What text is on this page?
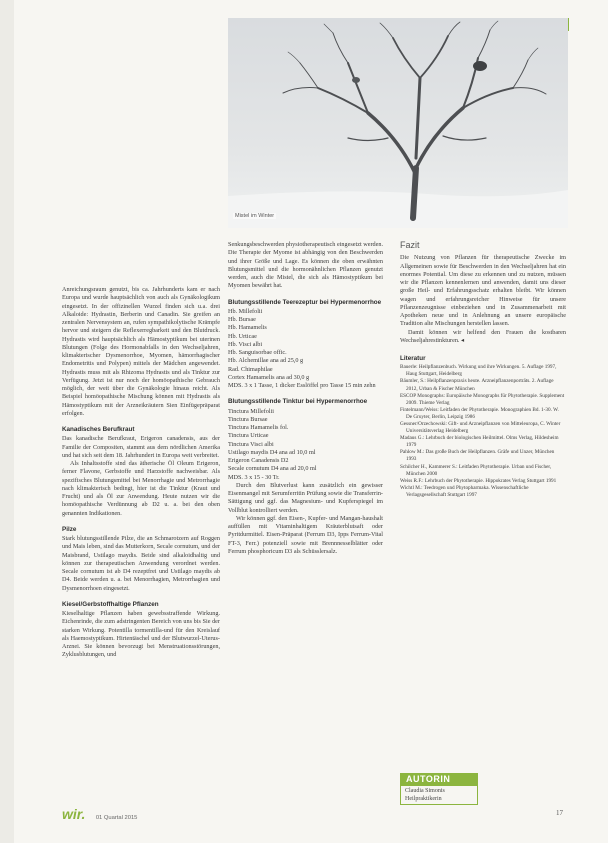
Mistel im Winter

Anreichungsraum genutzt, bis ca. Jahrhunderts kam er nach Europa und wurde hauptsächlich von auch als Gynäkologikum eingesetzt. In der offizinellen Wurzel finden sich u.a. drei Alkaloide: Hydrastin, Berberin und Canadin. Sie greifen an zentralen Nervensystem an, rufen sympathikolytische Krämpfe hervor und steigern die Reflexerregbarkeit und den Blutdruck. Hydrastis wird hauptsächlich als Hämostyptikum bei uterinen Blutungen (Folge des Hormonabfalls in den Wechseljahren, klimakterischer Dysmenorrhoe, Myomen, hämorrhagischer Endometritis und Polypen) mittels der Mädchen angewendet. Hydrastis muss mit als Rhizoma Hydrastis und als Tinktur zur Verfügung. Jetzt ist nur noch der homöopathische Gebrauch möglich, der weit über die Gynäkologie hinaus reicht. Als Beispiel homöopathische Mischung können mit Hydrastis als Hämostyptikum mit der Arzneikräutern Sien Einfügepräparat erfolgen.

Kanadisches Berufkraut

Das kanadische Berufkraut, Erigeron canadensis, aus der Familie der Compositen, stammt aus dem nördlichen Amerika und hat sich seit dem 18. Jahrhundert in Europa weit verbreitet.

Als Inhaltsstoffe sind das ätherische Öl Oleum Erigeron, ferner Flavone, Gerbstoffe und Harzstoffe nachweisbar. Als spezifisches Blutungsmittel bei Menorrhagie und Metrorrhagie nach klimakterisch bedingt, hier ist die Tinktur (Kraut und Frucht) und als Öl zur Anwendung. Heute nutzen wir die homöopathische Verdünnung ab D2 u. a. bei den oben genannten Indikationen.

Pilze

Stark blutungsstillende Pilze, die an Schmarotzern auf Roggen und Mais leben, sind das Mutterkorn, Secale cornutum, und der Maisbrand, Ustilago maydis. Beide sind alkaloidhaltig und können zur therapeutischen Anwendung verordnet werden. Secale cornutum ist ab D4 rezeptfrei und Ustilago maydis ab D4. Beide werden u. a. bei Menorrhagien, Metrorrhagien und Dysmenorrhoen eingesetzt.

Kiesel/Gerbstoffhaltige Pflanzen

Kieselhaltige Pflanzen haben gewebsstraffende Wirkung. Eichenrinde, die zum adstringenten Bereich von uns bis Sie der starken Wirkung. Potentilla tormentilla-und für den Kreislauf als Haemostyptikum. Hirtentäschel und der Blutwurzel-Uterus-Arznei. Sie können bevorzugt bei Menstruationsstörungen, Zyklusblutungen, und

Senkungsbeschwerden physiotherapeutisch eingesetzt werden. Die Therapie der Myome ist abhängig von den Beschwerden und ihrer Größe und Lage. Es können die oben erwähnten Blutungsmittel und die hormonähnlichen Pflanzen genutzt werden, auch die Mistel, die sich als Hämostyptikum bei Myomen bewährt hat.

Blutungsstillende Teerezeptur bei Hypermenorrhoe
Hb. Millefolii
Hb. Bursae
Hb. Hamamelis
Hb. Urticae
Hb. Visci albi
Hb. Sanguisorbae offic.
Hb. Alchemillae ana ad 25,0 g
Rad. Chimaphilae
Cortex Hamamelis ana ad 30,0 g
MDS. 3 x 1 Tasse, 1 dicker Esslöffel pro Tasse 15 min zehn
Blutungsstillende Tinktur bei Hypermenorrhoe
Tinctura Millefolii
Tinctura Bursae
Tinctura Hamamelis fol.
Tinctura Urticae
Tinctura Visci albi
Ustilago maydis D4 ana ad 10,0 ml
Erigeron Canadensis D2
Secale cornutum D4 ana ad 20,0 ml
MDS. 3 x 15 - 30 Tr.

Durch den Blutverlust kann zusätzlich ein gewisser Eisenmangel mit Serumferritin Prüfung sowie die Transferrin-Sättigung und ggf. das Magnesium- und Kupferspiegel im Vollblut kontrolliert werden.

Wir können ggf. den Eisen-, Kupfer- und Mangan-haushalt auffüllen mit Vitaminhaltigem Kräuterblutsaft oder Pyritdurmittel. Eisen-Präparat (Ferrum D3, Ipps Ferrum-Vital FT-3, Ferr.) potenziell sowie mit Brennnesselblätter oder Ferrum phosphoricum D3 als Schüsslersalz.

Fazit

Die Nutzung von Pflanzen für therapeutische Zwecke im Allgemeinen sowie für Beschwerden in den Wechseljahren hat ein enormes Potential. Um diese zu erkennen und zu nutzen, müssen wir die Pflanzen kennenlernen und anwenden, damit uns dieser große Heil- und Erfahrungsschatz erhalten bleibt. Wir können wagen und erfahrungsreicher Hinweise für unsere Pflanzenzeugnisse einbeziehen und in Zusammenarbeit mit Apotheken neue und in Anlehnung an unsere europäische Tradition alte Mischungen herstellen lassen.

Damit können wir helfend den Frauen die kostbaren Wechseljahrestinkturen. ◂

Literatur

Bauerle: Heilpflanzenbuch. Wirkung und ihre Wirkungen. 5. Auflage 1997, Haug Stuttgart, Heidelberg

Bäumler, S.: Heilpflanzenpraxis heute. Arzneipflanzenporträts. 2. Auflage 2012, Urban & Fischer München

ESCOP Monographs: Europäische Monographs für Phytotherapie. Supplement 2009. Thieme Verlag

Fintelmann/Weiss: Leitfaden der Phytotherapie. Monographien Bd. 1-30. W. De Gruyter, Berlin, Leipzig 1986

Gessner/Orzechowski: Gift- und Arzneipflanzen von Mitteleuropa, C. Winter Universitätsverlag Heidelberg

Madaus G.: Lehrbuch der biologischen Heilmittel. Olms Verlag, Hildesheim 1979

Pahlow M.: Das große Buch der Heilpflanzen. Gräfe und Unzer, München 1993

Schilcher H., Kammerer S.: Leitfaden Phytotherapie. Urban und Fischer, München 2000

Weiss R.F.: Lehrbuch der Phytotherapie. Hippokrates Verlag Stuttgart 1991

Wichtl M.: Teedrogen und Phytopharmaka. Wissenschaftliche Verlagsgesellschaft Stuttgart 1997

AUTORIN
Claudia Simonis
Heilpraktikerin
wir. 01 Quartal 2015
17
